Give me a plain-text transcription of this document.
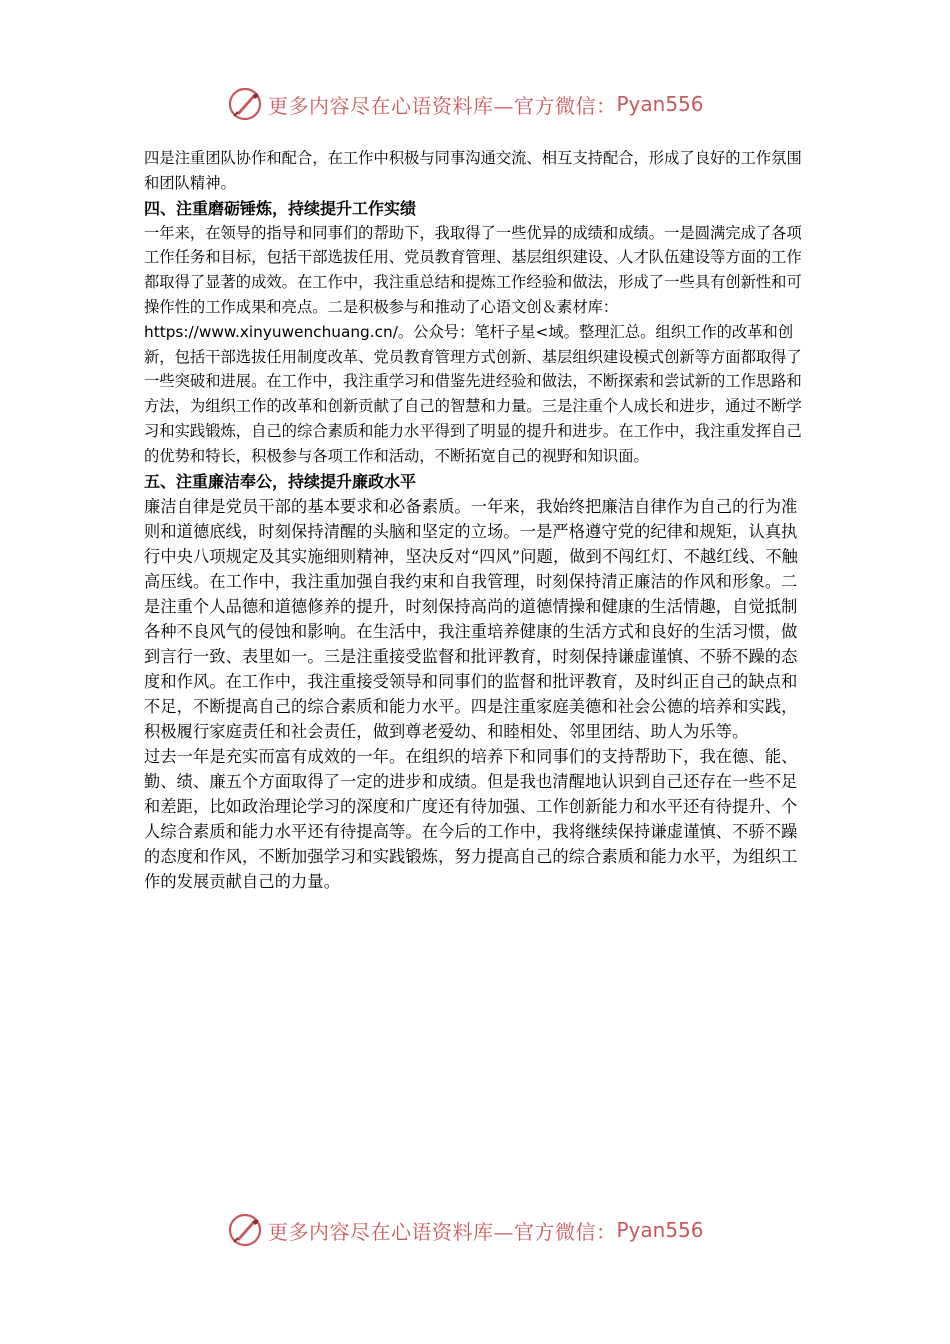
更多内容尽在心语资料库—官方微信： Pyan556

四是注重团队协作和配合，在工作中积极与同事沟通交流、相互支持配合，形成了良好的工作氛围和团队精神。

四、注重磨砺锤炼，持续提升工作实绩

一年来，在领导的指导和同事们的帮助下，我取得了一些优异的成绩和成绩。一是圆满完成了各项工作任务和目标，包括干部选拔任用、党员教育管理、基层组织建设、人才队伍建设等方面的工作都取得了显著的成效。在工作中，我注重总结和提炼工作经验和做法，形成了一些具有创新性和可操作性的工作成果和亮点。二是积极参与和推动了心语文创＆素材库：https://www.xinyuwenchuang.cn/。公众号：笔杆子星<域。整理汇总。组织工作的改革和创新，包括干部选拔任用制度改革、党员教育管理方式创新、基层组织建设模式创新等方面都取得了一些突破和进展。在工作中，我注重学习和借鉴先进经验和做法，不断探索和尝试新的工作思路和方法，为组织工作的改革和创新贡献了自己的智慧和力量。三是注重个人成长和进步，通过不断学习和实践锻炼，自己的综合素质和能力水平得到了明显的提升和进步。在工作中，我注重发挥自己的优势和特长，积极参与各项工作和活动，不断拓宽自己的视野和知识面。

五、注重廉洁奉公，持续提升廉政水平

廉洁自律是党员干部的基本要求和必备素质。一年来，我始终把廉洁自律作为自己的行为准则和道德底线，时刻保持清醒的头脑和坚定的立场。一是严格遵守党的纪律和规矩，认真执行中央八项规定及其实施细则精神，坚决反对“四风”问题，做到不闯红灯、不越红线、不触高压线。在工作中，我注重加强自我约束和自我管理，时刻保持清正廉洁的作风和形象。二是注重个人品德和道德修养的提升，时刻保持高尚的道德情操和健康的生活情趣，自觉抵制各种不良风气的侵蚀和影响。在生活中，我注重培养健康的生活方式和良好的生活习惯，做到言行一致、表里如一。三是注重接受监督和批评教育，时刻保持谦虚谨慎、不骄不躁的态度和作风。在工作中，我注重接受领导和同事们的监督和批评教育，及时纠正自己的缺点和不足，不断提高自己的综合素质和能力水平。四是注重家庭美德和社会公德的培养和实践，积极履行家庭责任和社会责任，做到尊老爱幼、和睦相处、邻里团结、助人为乐等。

过去一年是充实而富有成效的一年。在组织的培养下和同事们的支持帮助下，我在德、能、勤、绩、廉五个方面取得了一定的进步和成绩。但是我也清醒地认识到自己还存在一些不足和差距，比如政治理论学习的深度和广度还有待加强、工作创新能力和水平还有待提升、个人综合素质和能力水平还有待提高等。在今后的工作中，我将继续保持谦虚谨慎、不骄不躁的态度和作风，不断加强学习和实践锻炼，努力提高自己的综合素质和能力水平，为组织工作的发展贡献自己的力量。

更多内容尽在心语资料库—官方微信： Pyan556
